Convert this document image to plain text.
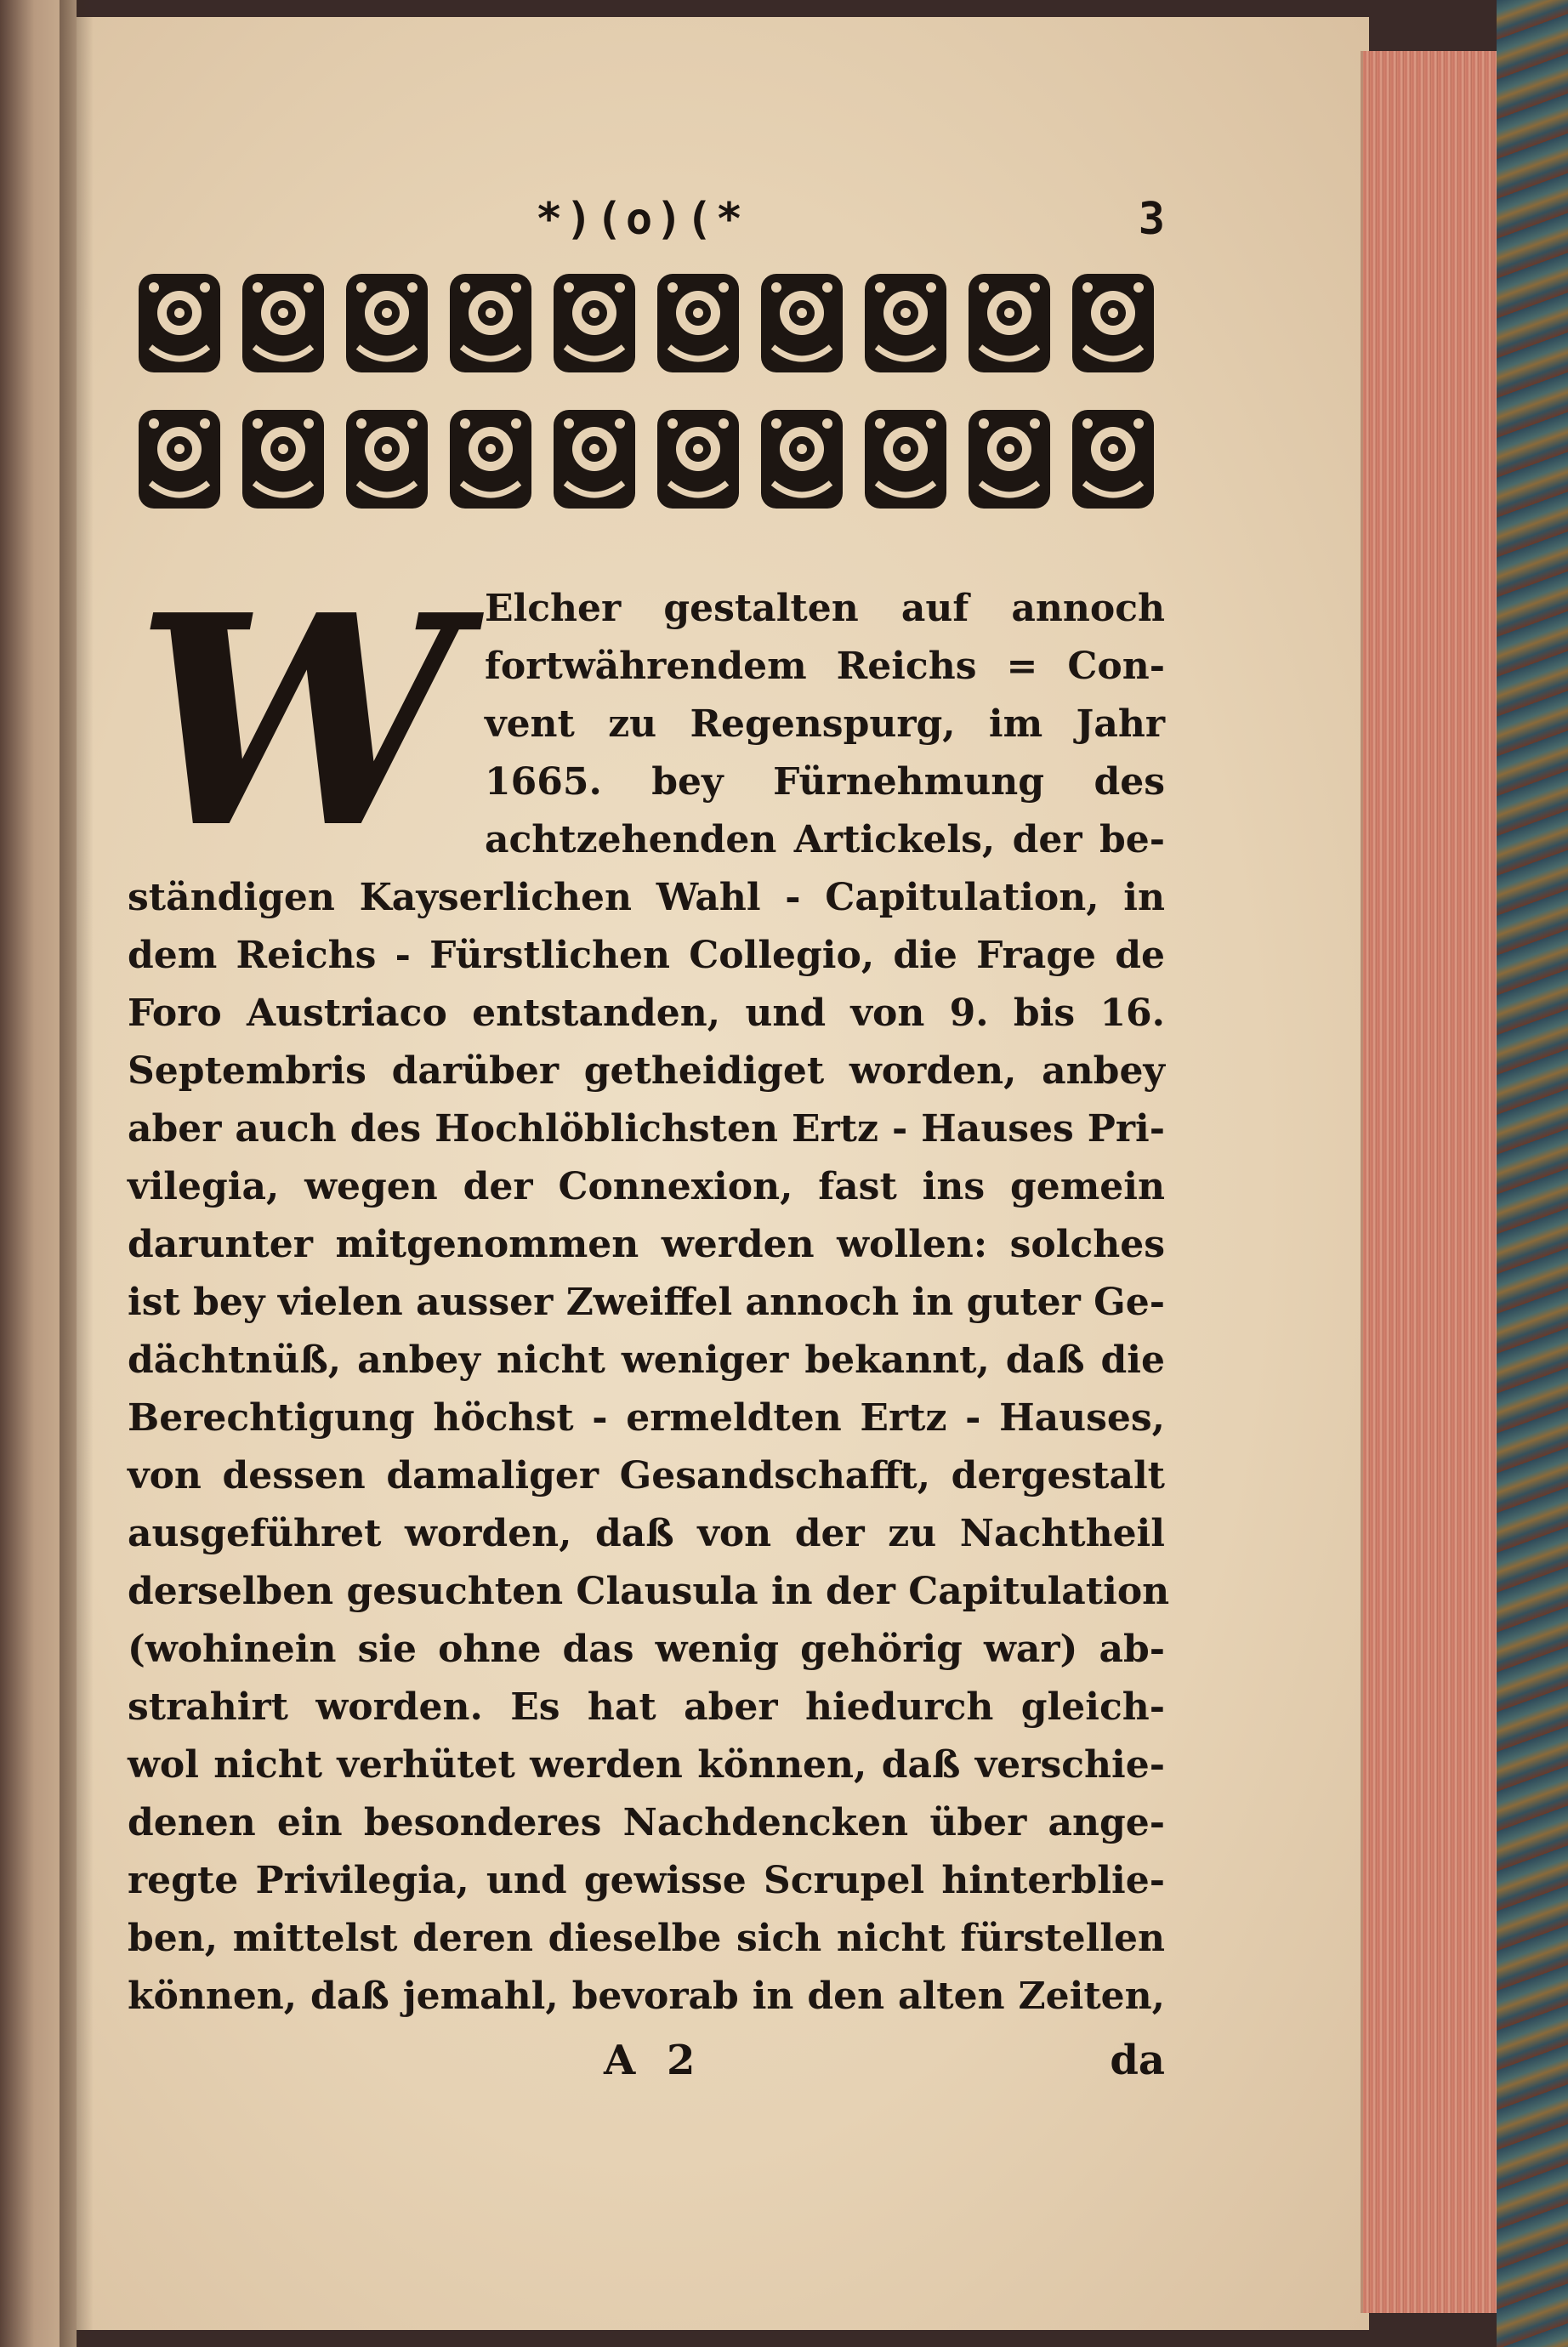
*)(o)(*	3
W Elcher gestalten auf annoch
fortwährendem Reichs = Con-
vent zu Regenspurg, im Jahr
1665. bey Fürnehmung des
achtzehenden Artickels, der be-
ständigen Kayserlichen Wahl - Capitulation, in
dem Reichs - Fürstlichen Collegio, die Frage de
Foro Austriaco entstanden, und von 9. bis 16.
Septembris darüber getheidiget worden, anbey
aber auch des Hochlöblichsten Ertz - Hauses Pri-
vilegia, wegen der Connexion, fast ins gemein
darunter mitgenommen werden wollen: solches
ist bey vielen ausser Zweiffel annoch in guter Ge-
dächtnüß, anbey nicht weniger bekannt, daß die
Berechtigung höchst - ermeldten Ertz - Hauses,
von dessen damaliger Gesandschafft, dergestalt
ausgeführet worden, daß von der zu Nachtheil
derselben gesuchten Clausula in der Capitulation
(wohinein sie ohne das wenig gehörig war) ab-
strahirt worden. Es hat aber hiedurch gleich-
wol nicht verhütet werden können, daß verschie-
denen ein besonderes Nachdencken über ange-
regte Privilegia, und gewisse Scrupel hinterblie-
ben, mittelst deren dieselbe sich nicht fürstellen
können, daß jemahl, bevorab in den alten Zeiten,
A 2	da
